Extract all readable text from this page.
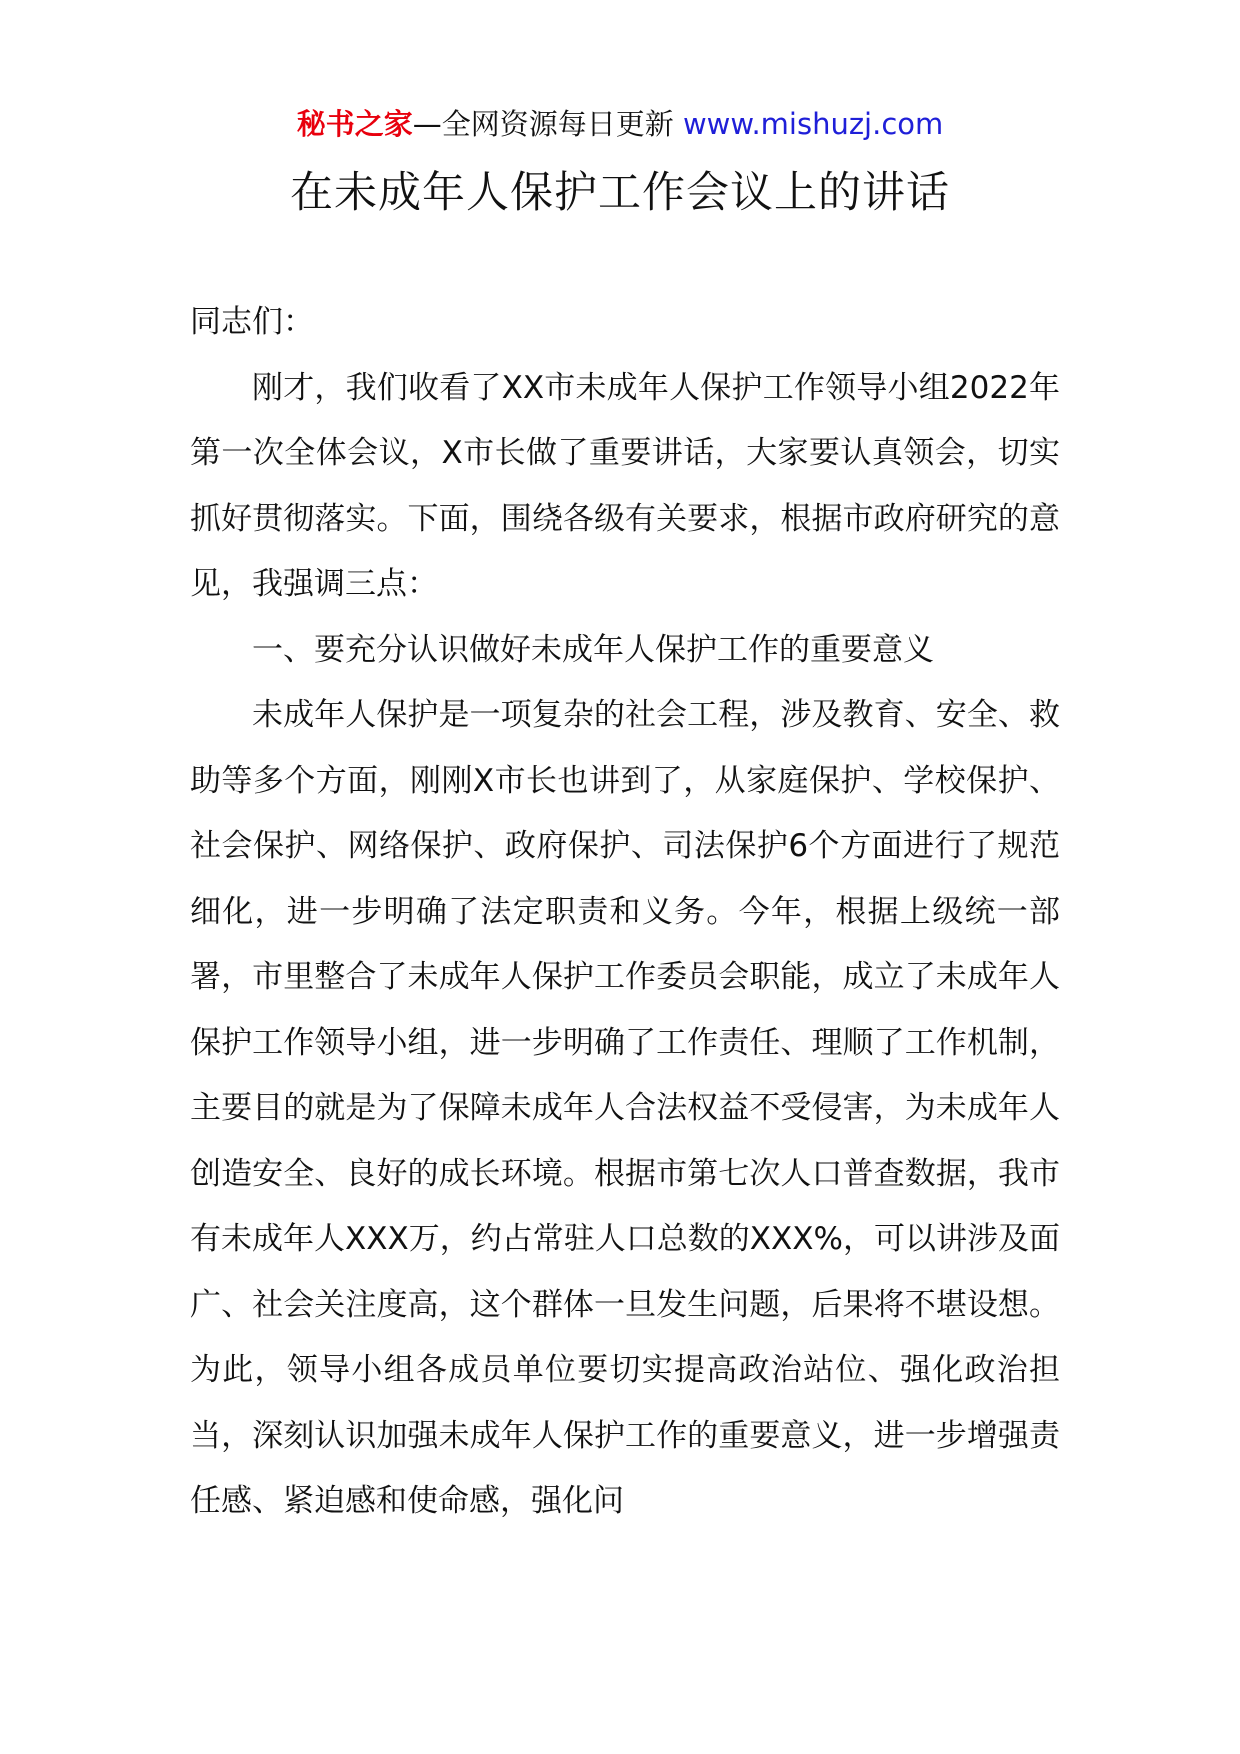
秘书之家—全网资源每日更新 www.mishuzj.com
在未成年人保护工作会议上的讲话

同志们：

刚才，我们收看了XX市未成年人保护工作领导小组2022年第一次全体会议，X市长做了重要讲话，大家要认真领会，切实抓好贯彻落实。下面，围绕各级有关要求，根据市政府研究的意见，我强调三点：

一、要充分认识做好未成年人保护工作的重要意义

未成年人保护是一项复杂的社会工程，涉及教育、安全、救助等多个方面，刚刚X市长也讲到了，从家庭保护、学校保护、社会保护、网络保护、政府保护、司法保护6个方面进行了规范细化，进一步明确了法定职责和义务。今年，根据上级统一部署，市里整合了未成年人保护工作委员会职能，成立了未成年人保护工作领导小组，进一步明确了工作责任、理顺了工作机制，主要目的就是为了保障未成年人合法权益不受侵害，为未成年人创造安全、良好的成长环境。根据市第七次人口普查数据，我市有未成年人XXX万，约占常驻人口总数的XXX%，可以讲涉及面广、社会关注度高，这个群体一旦发生问题，后果将不堪设想。为此，领导小组各成员单位要切实提高政治站位、强化政治担当，深刻认识加强未成年人保护工作的重要意义，进一步增强责任感、紧迫感和使命感，强化问
